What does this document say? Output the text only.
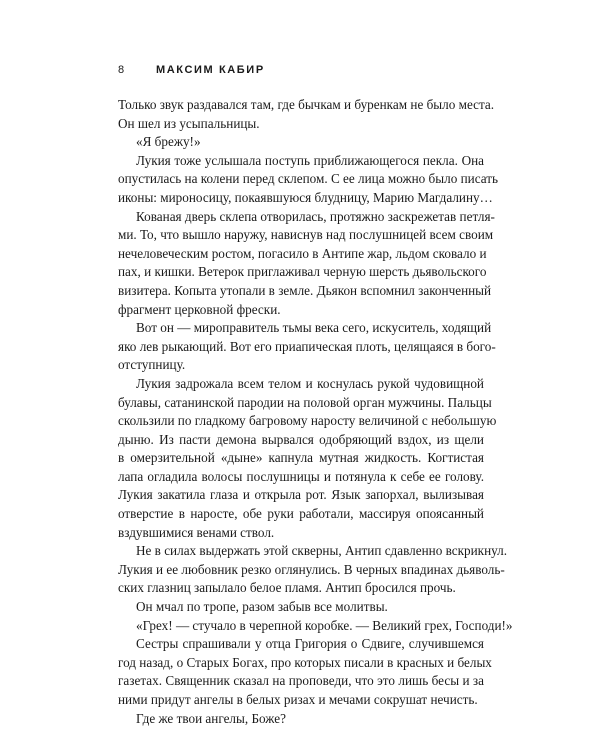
8	МАКСИМ КАБИР
Только звук раздавался там, где бычкам и буренкам не было места.
Он шел из усыпальницы.
«Я брежу!»
Лукия тоже услышала поступь приближающегося пекла. Она
опустилась на колени перед склепом. С ее лица можно было писать
иконы: мироносицу, покаявшуюся блудницу, Марию Магдалину…
Кованая дверь склепа отворилась, протяжно заскрежетав петля-
ми. То, что вышло наружу, нависнув над послушницей всем своим
нечеловеческим ростом, погасило в Антипе жар, льдом сковало и
пах, и кишки. Ветерок приглаживал черную шерсть дьявольского
визитера. Копыта утопали в земле. Дьякон вспомнил законченный
фрагмент церковной фрески.
Вот он — мироправитель тьмы века сего, искуситель, ходящий
яко лев рыкающий. Вот его приапическая плоть, целящаяся в бого-
отступницу.
Лукия задрожала всем телом и коснулась рукой чудовищной
булавы, сатанинской пародии на половой орган мужчины. Пальцы
скользили по гладкому багровому наросту величиной с небольшую
дыню. Из пасти демона вырвался одобряющий вздох, из щели
в омерзительной «дыне» капнула мутная жидкость. Когтистая
лапа огладила волосы послушницы и потянула к себе ее голову.
Лукия закатила глаза и открыла рот. Язык запорхал, вылизывая
отверстие в наросте, обе руки работали, массируя опоясанный
вздувшимися венами ствол.
Не в силах выдержать этой скверны, Антип сдавленно вскрикнул.
Лукия и ее любовник резко оглянулись. В черных впадинах дьяволь-
ских глазниц запылало белое пламя. Антип бросился прочь.
Он мчал по тропе, разом забыв все молитвы.
«Грех! — стучало в черепной коробке. — Великий грех, Господи!»
Сестры спрашивали у отца Григория о Сдвиге, случившемся
год назад, о Старых Богах, про которых писали в красных и белых
газетах. Священник сказал на проповеди, что это лишь бесы и за
ними придут ангелы в белых ризах и мечами сокрушат нечисть.
Где же твои ангелы, Боже?
